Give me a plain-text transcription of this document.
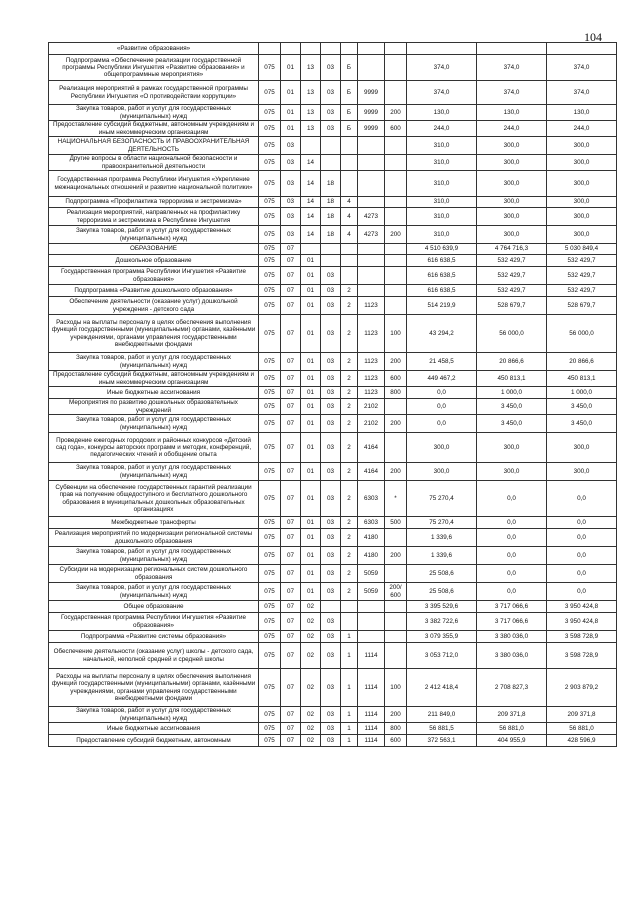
104
«Развитие образования»										
Подпрограмма «Обеспечение реализации государственной программы Республики Ингушетия «Развитие образования» и общепрограммные мероприятия»	075	01	13	03	Б			374,0	374,0	374,0
Реализация мероприятий в рамках государственной программы Республики Ингушетия «О противодействии коррупции»	075	01	13	03	Б	9999		374,0	374,0	374,0
Закупка товаров, работ и услуг для государственных (муниципальных) нужд	075	01	13	03	Б	9999	200	130,0	130,0	130,0
Предоставление субсидий бюджетным, автономным учреждениям и иным некоммерческим организациям	075	01	13	03	Б	9999	600	244,0	244,0	244,0
НАЦИОНАЛЬНАЯ БЕЗОПАСНОСТЬ И ПРАВООХРАНИТЕЛЬНАЯ ДЕЯТЕЛЬНОСТЬ	075	03						310,0	300,0	300,0
Другие вопросы в области национальной безопасности и правоохранительной деятельности	075	03	14					310,0	300,0	300,0
Государственная программа Республики Ингушетия «Укрепление межнациональных отношений и развитие национальной политики»	075	03	14	18				310,0	300,0	300,0
Подпрограмма «Профилактика терроризма и экстремизма»	075	03	14	18	4			310,0	300,0	300,0
Реализация мероприятий, направленных на профилактику терроризма и экстремизма в Республике Ингушетия	075	03	14	18	4	4273		310,0	300,0	300,0
Закупка товаров, работ и услуг для государственных (муниципальных) нужд	075	03	14	18	4	4273	200	310,0	300,0	300,0
ОБРАЗОВАНИЕ	075	07						4 510 639,9	4 764 716,3	5 030 849,4
Дошкольное образование	075	07	01					616 638,5	532 429,7	532 429,7
Государственная программа Республики Ингушетия «Развитие образования»	075	07	01	03				616 638,5	532 429,7	532 429,7
Подпрограмма «Развитие дошкольного образования»	075	07	01	03	2			616 638,5	532 429,7	532 429,7
Обеспечение деятельности (оказание услуг) дошкольной учреждения - детского сада	075	07	01	03	2	1123		514 219,9	528 679,7	528 679,7
Расходы на выплаты персоналу в целях обеспечения выполнения функций государственными (муниципальными) органами, казёнными учреждениями, органами управления государственными внебюджетными фондами	075	07	01	03	2	1123	100	43 294,2	56 000,0	56 000,0
Закупка товаров, работ и услуг для государственных (муниципальных) нужд	075	07	01	03	2	1123	200	21 458,5	20 866,6	20 866,6
Предоставление субсидий бюджетным, автономным учреждениям и иным некоммерческим организациям	075	07	01	03	2	1123	600	449 467,2	450 813,1	450 813,1
Иные бюджетные ассигнования	075	07	01	03	2	1123	800	0,0	1 000,0	1 000,0
Мероприятия по развитию дошкольных образовательных учреждений	075	07	01	03	2	2102		0,0	3 450,0	3 450,0
Закупка товаров, работ и услуг для государственных (муниципальных) нужд	075	07	01	03	2	2102	200	0,0	3 450,0	3 450,0
Проведение ежегодных городских и районных конкурсов «Детский сад года», конкурсы авторских программ и методик, конференций, педагогических чтений и обобщение опыта	075	07	01	03	2	4164		300,0	300,0	300,0
Закупка товаров, работ и услуг для государственных (муниципальных) нужд	075	07	01	03	2	4164	200	300,0	300,0	300,0
Субвенции на обеспечение государственных гарантий реализации прав на получение общедоступного и бесплатного дошкольного образования в муниципальных дошкольных образовательных организациях	075	07	01	03	2	6303	*	75 270,4	0,0	0,0
Межбюджетные трансферты	075	07	01	03	2	6303	500	75 270,4	0,0	0,0
Реализация мероприятий по модернизации региональной системы дошкольного образования	075	07	01	03	2	4180		1 339,6	0,0	0,0
Закупка товаров, работ и услуг для государственных (муниципальных) нужд	075	07	01	03	2	4180	200	1 339,6	0,0	0,0
Субсидии на модернизацию региональных систем дошкольного образования	075	07	01	03	2	5059		25 508,6	0,0	0,0
Закупка товаров, работ и услуг для государственных (муниципальных) нужд	075	07	01	03	2	5059	200/ 600	25 508,6	0,0	0,0
Общее образование	075	07	02					3 395 529,6	3 717 066,6	3 950 424,8
Государственная программа Республики Ингушетия «Развитие образования»	075	07	02	03				3 382 722,6	3 717 066,6	3 950 424,8
Подпрограмма «Развитие системы образования»	075	07	02	03	1			3 079 355,9	3 380 036,0	3 598 728,9
Обеспечение деятельности (оказание услуг) школы - детского сада, начальной, неполной средней и средней школы	075	07	02	03	1	1114		3 053 712,0	3 380 036,0	3 598 728,9
Расходы на выплаты персоналу в целях обеспечения выполнения функций государственными (муниципальными) органами, казёнными учреждениями, органами управления государственными внебюджетными фондами	075	07	02	03	1	1114	100	2 412 418,4	2 708 827,3	2 903 879,2
Закупка товаров, работ и услуг для государственных (муниципальных) нужд	075	07	02	03	1	1114	200	211 849,0	209 371,8	209 371,8
Иные бюджетные ассигнования	075	07	02	03	1	1114	800	56 881,5	56 881,0	56 881,0
Предоставление субсидий бюджетным, автономным	075	07	02	03	1	1114	600	372 563,1	404 955,9	428 596,9
